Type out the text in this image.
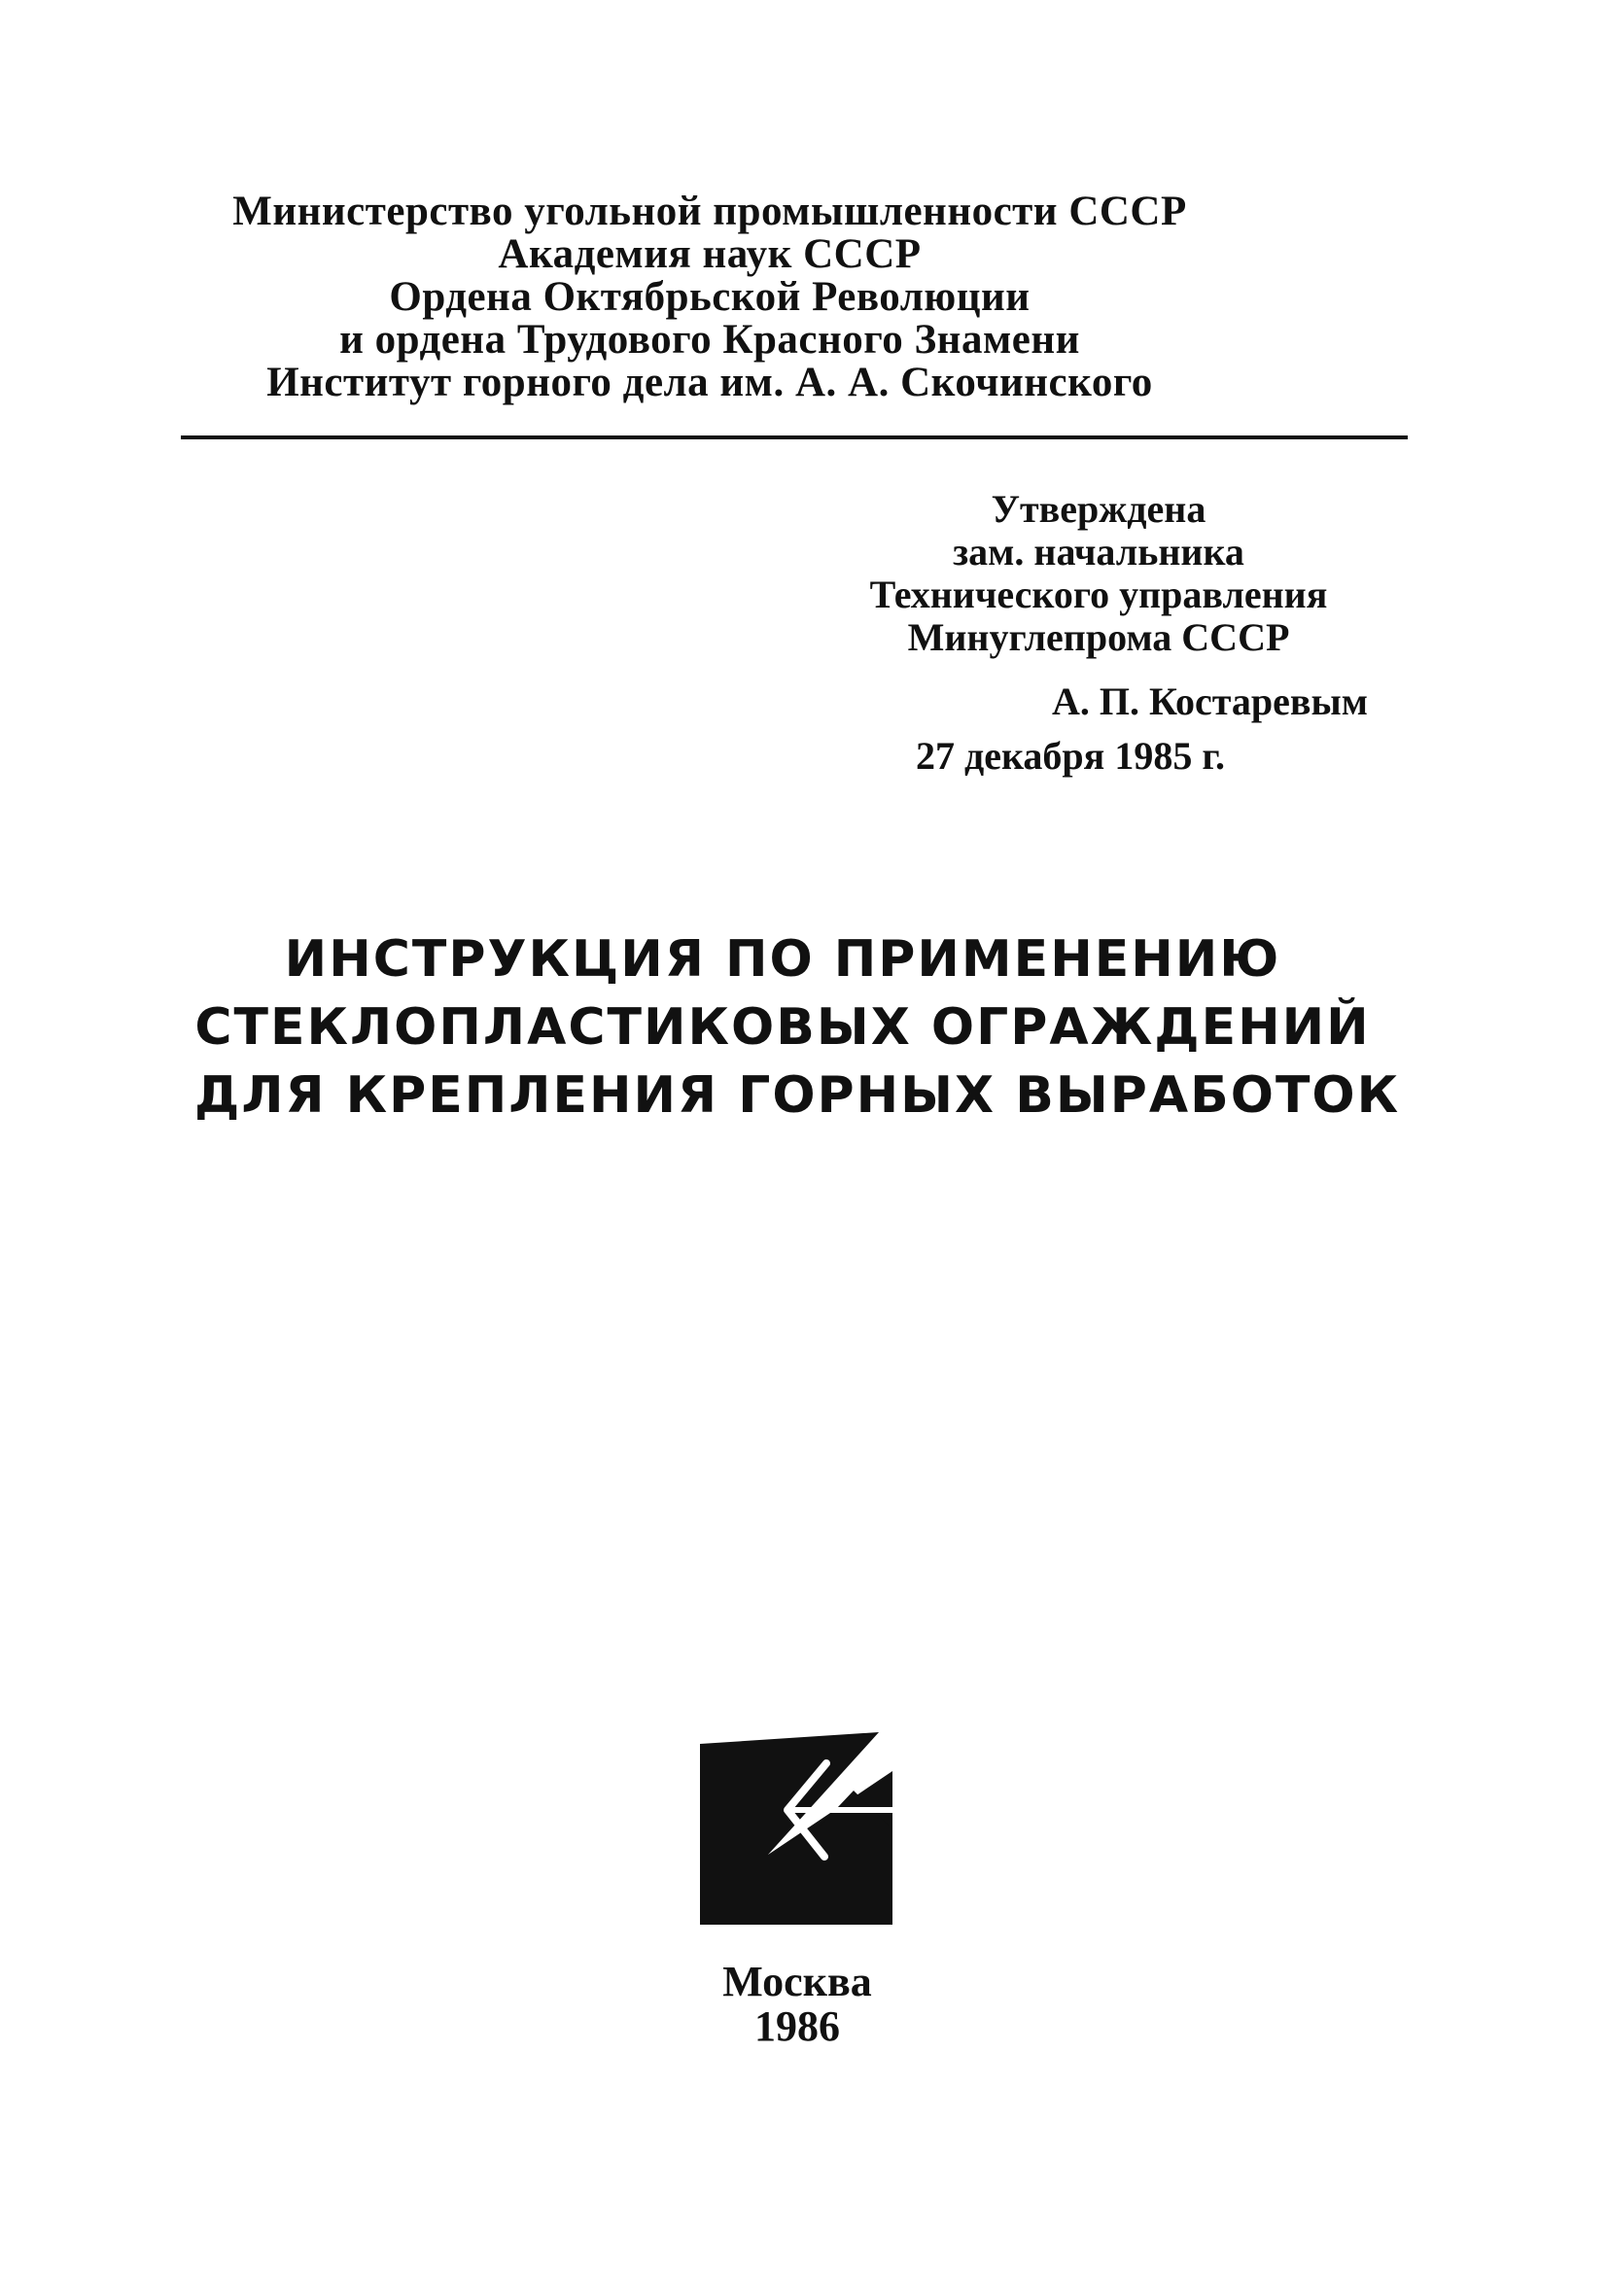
Министерство угольной промышленности СССР
Академия наук СССР
Ордена Октябрьской Революции
и ордена Трудового Красного Знамени
Институт горного дела им. А. А. Скочинского
Утверждена
зам. начальника
Технического управления
Минуглепрома СССР
А. П. Костаревым
27 декабря 1985 г.
ИНСТРУКЦИЯ ПО ПРИМЕНЕНИЮ
СТЕКЛОПЛАСТИКОВЫХ ОГРАЖДЕНИЙ
ДЛЯ КРЕПЛЕНИЯ ГОРНЫХ ВЫРАБОТОК
Москва
1986
